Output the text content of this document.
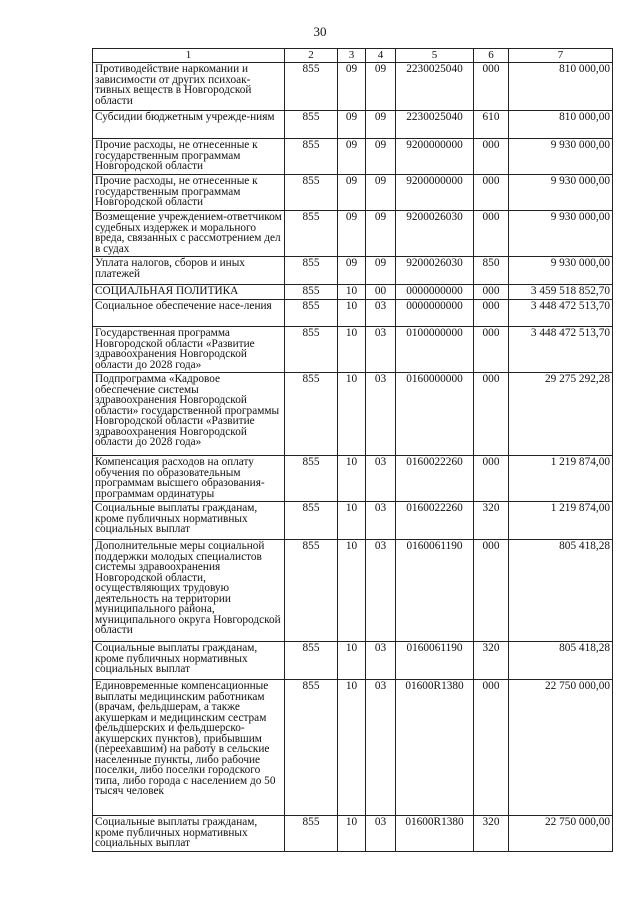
30
1	2	3	4	5	6	7
Противодействие наркомании и зависимости от других психоак-тивных веществ в Новгородской области	855	09	09	2230025040	000	810 000,00
Субсидии бюджетным учрежде-ниям	855	09	09	2230025040	610	810 000,00
Прочие расходы, не отнесенные к государственным программам Новгородской области	855	09	09	9200000000	000	9 930 000,00
Прочие расходы, не отнесенные к государственным программам Новгородской области	855	09	09	9200000000	000	9 930 000,00
Возмещение учреждением-ответчиком судебных издержек и морального вреда, связанных с рассмотрением дел в судах	855	09	09	9200026030	000	9 930 000,00
Уплата налогов, сборов и иных платежей	855	09	09	9200026030	850	9 930 000,00
СОЦИАЛЬНАЯ ПОЛИТИКА	855	10	00	0000000000	000	3 459 518 852,70
Социальное обеспечение насе-ления	855	10	03	0000000000	000	3 448 472 513,70
Государственная программа Новгородской области «Развитие здравоохранения Новгородской области до 2028 года»	855	10	03	0100000000	000	3 448 472 513,70
Подпрограмма «Кадровое обеспечение системы здравоохранения Новгородской области» государственной программы Новгородской области «Развитие здравоохранения Новгородской области до 2028 года»	855	10	03	0160000000	000	29 275 292,28
Компенсация расходов на оплату обучения по образовательным программам высшего образования-программам ординатуры	855	10	03	0160022260	000	1 219 874,00
Социальные выплаты гражданам, кроме публичных нормативных социальных выплат	855	10	03	0160022260	320	1 219 874,00
Дополнительные меры социальной поддержки молодых специалистов системы здравоохранения Новгородской области, осуществляющих трудовую деятельность на территории муниципального района, муниципального округа Новгородской области	855	10	03	0160061190	000	805 418,28
Социальные выплаты гражданам, кроме публичных нормативных социальных выплат	855	10	03	0160061190	320	805 418,28
Единовременные компенсационные выплаты медицинским работникам (врачам, фельдшерам, а также акушеркам и медицинским сестрам фельдшерских и фельдшерско-акушерских пунктов), прибывшим (переехавшим) на работу в сельские населенные пункты, либо рабочие поселки, либо поселки городского типа, либо города с населением до 50 тысяч человек	855	10	03	01600R1380	000	22 750 000,00
Социальные выплаты гражданам, кроме публичных нормативных социальных выплат	855	10	03	01600R1380	320	22 750 000,00
